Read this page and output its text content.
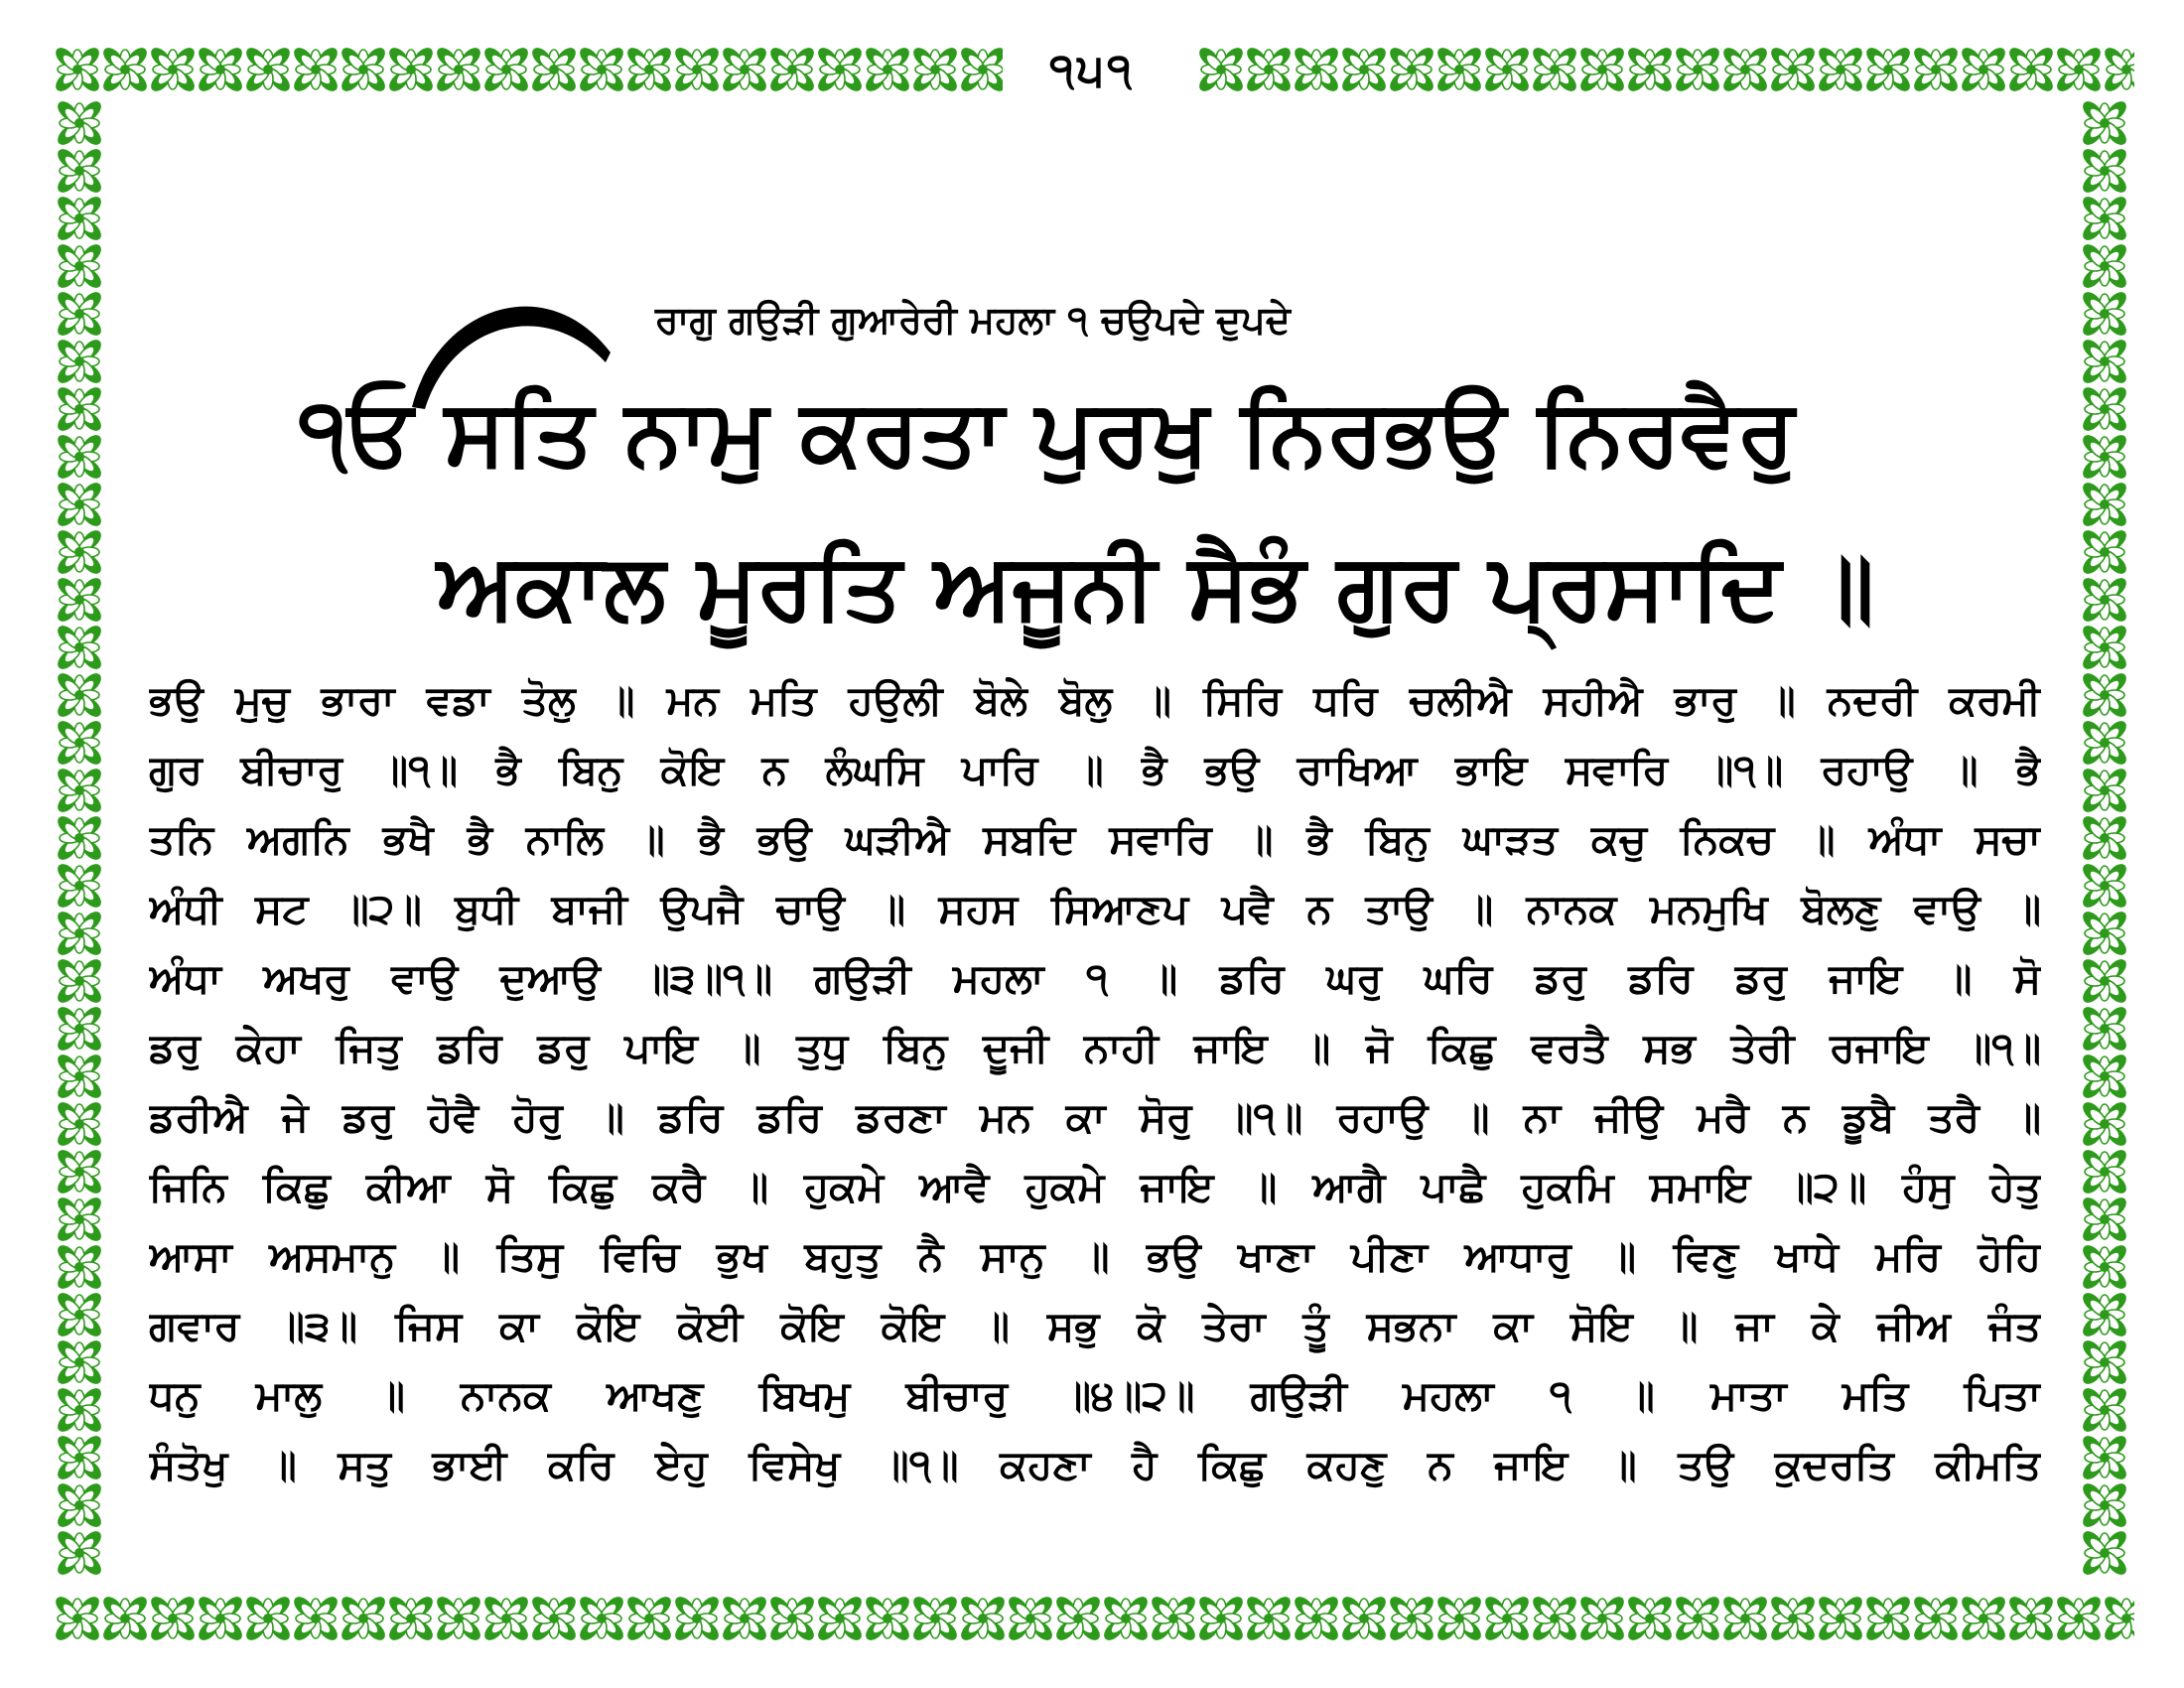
੧੫੧
ਰਾਗੁ ਗਉੜੀ ਗੁਆਰੇਰੀ ਮਹਲਾ ੧ ਚਉਪਦੇ ਦੁਪਦੇ
੧ਓ ਸਤਿ ਨਾਮੁ ਕਰਤਾ ਪੁਰਖੁ ਨਿਰਭਉ ਨਿਰਵੈਰੁ
ਅਕਾਲ ਮੂਰਤਿ ਅਜੂਨੀ ਸੈਭੰ ਗੁਰ ਪ੍ਰਸਾਦਿ ॥
ਭਉ ਮੁਚੁ ਭਾਰਾ ਵਡਾ ਤੋਲੁ ॥ ਮਨ ਮਤਿ ਹਉਲੀ ਬੋਲੇ ਬੋਲੁ ॥ ਸਿਰਿ ਧਰਿ ਚਲੀਐ ਸਹੀਐ ਭਾਰੁ ॥ ਨਦਰੀ ਕਰਮੀ
ਗੁਰ ਬੀਚਾਰੁ ॥੧॥ ਭੈ ਬਿਨੁ ਕੋਇ ਨ ਲੰਘਸਿ ਪਾਰਿ ॥ ਭੈ ਭਉ ਰਾਖਿਆ ਭਾਇ ਸਵਾਰਿ ॥੧॥ ਰਹਾਉ ॥ ਭੈ
ਤਨਿ ਅਗਨਿ ਭਖੈ ਭੈ ਨਾਲਿ ॥ ਭੈ ਭਉ ਘੜੀਐ ਸਬਦਿ ਸਵਾਰਿ ॥ ਭੈ ਬਿਨੁ ਘਾੜਤ ਕਚੁ ਨਿਕਚ ॥ ਅੰਧਾ ਸਚਾ
ਅੰਧੀ ਸਟ ॥੨॥ ਬੁਧੀ ਬਾਜੀ ਉਪਜੈ ਚਾਉ ॥ ਸਹਸ ਸਿਆਣਪ ਪਵੈ ਨ ਤਾਉ ॥ ਨਾਨਕ ਮਨਮੁਖਿ ਬੋਲਣੁ ਵਾਉ ॥
ਅੰਧਾ ਅਖਰੁ ਵਾਉ ਦੁਆਉ ॥੩॥੧॥ ਗਉੜੀ ਮਹਲਾ ੧ ॥ ਡਰਿ ਘਰੁ ਘਰਿ ਡਰੁ ਡਰਿ ਡਰੁ ਜਾਇ ॥ ਸੋ
ਡਰੁ ਕੇਹਾ ਜਿਤੁ ਡਰਿ ਡਰੁ ਪਾਇ ॥ ਤੁਧੁ ਬਿਨੁ ਦੂਜੀ ਨਾਹੀ ਜਾਇ ॥ ਜੋ ਕਿਛੁ ਵਰਤੈ ਸਭ ਤੇਰੀ ਰਜਾਇ ॥੧॥
ਡਰੀਐ ਜੇ ਡਰੁ ਹੋਵੈ ਹੋਰੁ ॥ ਡਰਿ ਡਰਿ ਡਰਣਾ ਮਨ ਕਾ ਸੋਰੁ ॥੧॥ ਰਹਾਉ ॥ ਨਾ ਜੀਉ ਮਰੈ ਨ ਡੂਬੈ ਤਰੈ ॥
ਜਿਨਿ ਕਿਛੁ ਕੀਆ ਸੋ ਕਿਛੁ ਕਰੈ ॥ ਹੁਕਮੇ ਆਵੈ ਹੁਕਮੇ ਜਾਇ ॥ ਆਗੈ ਪਾਛੈ ਹੁਕਮਿ ਸਮਾਇ ॥੨॥ ਹੰਸੁ ਹੇਤੁ
ਆਸਾ ਅਸਮਾਨੁ ॥ ਤਿਸੁ ਵਿਚਿ ਭੁਖ ਬਹੁਤੁ ਨੈ ਸਾਨੁ ॥ ਭਉ ਖਾਣਾ ਪੀਣਾ ਆਧਾਰੁ ॥ ਵਿਣੁ ਖਾਧੇ ਮਰਿ ਹੋਹਿ
ਗਵਾਰ ॥੩॥ ਜਿਸ ਕਾ ਕੋਇ ਕੋਈ ਕੋਇ ਕੋਇ ॥ ਸਭੁ ਕੋ ਤੇਰਾ ਤੂੰ ਸਭਨਾ ਕਾ ਸੋਇ ॥ ਜਾ ਕੇ ਜੀਅ ਜੰਤ
ਧਨੁ ਮਾਲੁ ॥ ਨਾਨਕ ਆਖਣੁ ਬਿਖਮੁ ਬੀਚਾਰੁ ॥੪॥੨॥ ਗਉੜੀ ਮਹਲਾ ੧ ॥ ਮਾਤਾ ਮਤਿ ਪਿਤਾ
ਸੰਤੋਖੁ ॥ ਸਤੁ ਭਾਈ ਕਰਿ ਏਹੁ ਵਿਸੇਖੁ ॥੧॥ ਕਹਣਾ ਹੈ ਕਿਛੁ ਕਹਣੁ ਨ ਜਾਇ ॥ ਤਉ ਕੁਦਰਤਿ ਕੀਮਤਿ
